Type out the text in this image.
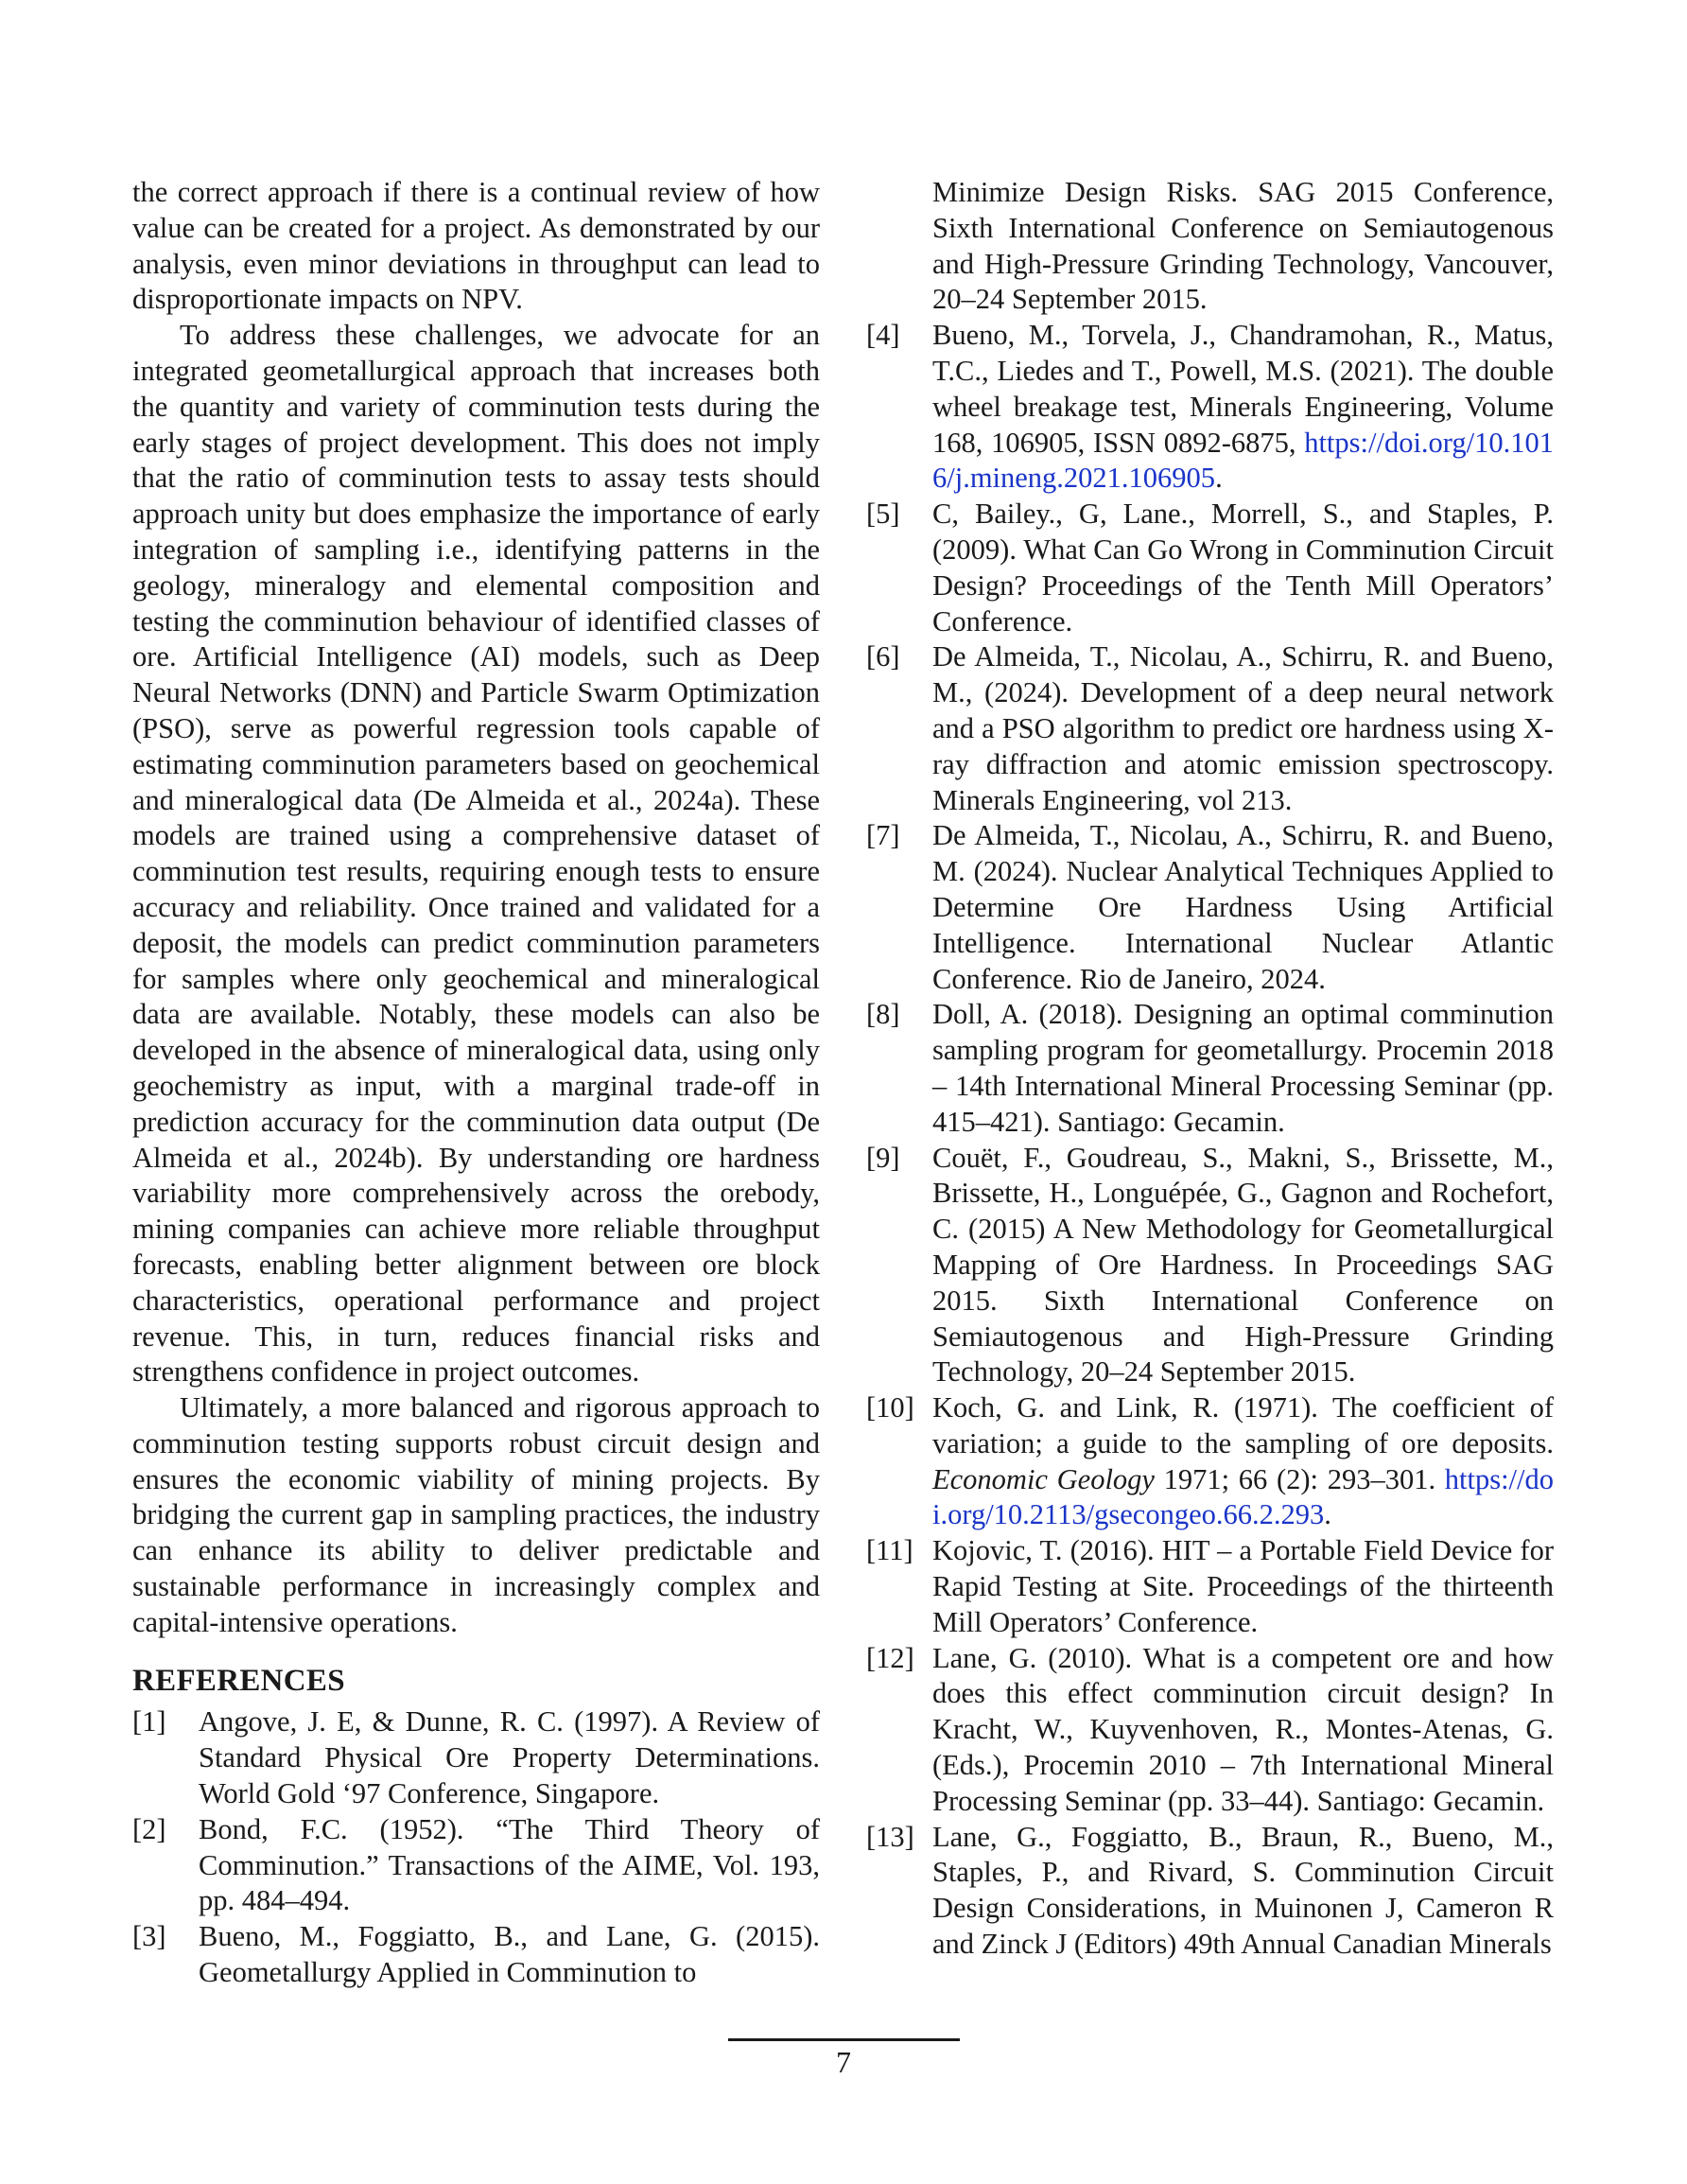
the correct approach if there is a continual review of how value can be created for a project. As demonstrated by our analysis, even minor deviations in throughput can lead to disproportionate impacts on NPV.

To address these challenges, we advocate for an integrated geometallurgical approach that increases both the quantity and variety of comminution tests during the early stages of project development. This does not imply that the ratio of comminution tests to assay tests should approach unity but does emphasize the importance of early integration of sampling i.e., identifying patterns in the geology, mineralogy and elemental composition and testing the comminution behaviour of identified classes of ore. Artificial Intelligence (AI) models, such as Deep Neural Networks (DNN) and Particle Swarm Optimization (PSO), serve as powerful regression tools capable of estimating comminution parameters based on geochemical and mineralogical data (De Almeida et al., 2024a). These models are trained using a comprehensive dataset of comminution test results, requiring enough tests to ensure accuracy and reliability. Once trained and validated for a deposit, the models can predict comminution parameters for samples where only geochemical and mineralogical data are available. Notably, these models can also be developed in the absence of mineralogical data, using only geochemistry as input, with a marginal trade-off in prediction accuracy for the comminution data output (De Almeida et al., 2024b). By understanding ore hardness variability more comprehensively across the orebody, mining companies can achieve more reliable throughput forecasts, enabling better alignment between ore block characteristics, operational performance and project revenue. This, in turn, reduces financial risks and strengthens confidence in project outcomes.

Ultimately, a more balanced and rigorous approach to comminution testing supports robust circuit design and ensures the economic viability of mining projects. By bridging the current gap in sampling practices, the industry can enhance its ability to deliver predictable and sustainable performance in increasingly complex and capital-intensive operations.

REFERENCES

[1] Angove, J. E, & Dunne, R. C. (1997). A Review of Standard Physical Ore Property Determinations. World Gold ‘97 Conference, Singapore.

[2] Bond, F.C. (1952). “The Third Theory of Comminution.” Transactions of the AIME, Vol. 193, pp. 484–494.

[3] Bueno, M., Foggiatto, B., and Lane, G. (2015). Geometallurgy Applied in Comminution to

Minimize Design Risks. SAG 2015 Conference, Sixth International Conference on Semiautogenous and High-Pressure Grinding Technology, Vancouver, 20–24 September 2015.

[4] Bueno, M., Torvela, J., Chandramohan, R., Matus, T.C., Liedes and T., Powell, M.S. (2021). The double wheel breakage test, Minerals Engineering, Volume 168, 106905, ISSN 0892-6875, https://doi.org/10.1016/j.mineng.2021.106905.

[5] C, Bailey., G, Lane., Morrell, S., and Staples, P. (2009). What Can Go Wrong in Comminution Circuit Design? Proceedings of the Tenth Mill Operators’ Conference.

[6] De Almeida, T., Nicolau, A., Schirru, R. and Bueno, M., (2024). Development of a deep neural network and a PSO algorithm to predict ore hardness using X-ray diffraction and atomic emission spectroscopy. Minerals Engineering, vol 213.

[7] De Almeida, T., Nicolau, A., Schirru, R. and Bueno, M. (2024). Nuclear Analytical Techniques Applied to Determine Ore Hardness Using Artificial Intelligence. International Nuclear Atlantic Conference. Rio de Janeiro, 2024.

[8] Doll, A. (2018). Designing an optimal comminution sampling program for geometallurgy. Procemin 2018 – 14th International Mineral Processing Seminar (pp. 415–421). Santiago: Gecamin.

[9] Couët, F., Goudreau, S., Makni, S., Brissette, M., Brissette, H., Longuépée, G., Gagnon and Rochefort, C. (2015) A New Methodology for Geometallurgical Mapping of Ore Hardness. In Proceedings SAG 2015. Sixth International Conference on Semiautogenous and High-Pressure Grinding Technology, 20–24 September 2015.

[10] Koch, G. and Link, R. (1971). The coefficient of variation; a guide to the sampling of ore deposits. Economic Geology 1971; 66 (2): 293–301. https://doi.org/10.2113/gsecongeo.66.2.293.

[11] Kojovic, T. (2016). HIT – a Portable Field Device for Rapid Testing at Site. Proceedings of the thirteenth Mill Operators’ Conference.

[12] Lane, G. (2010). What is a competent ore and how does this effect comminution circuit design? In Kracht, W., Kuyvenhoven, R., Montes-Atenas, G. (Eds.), Procemin 2010 – 7th International Mineral Processing Seminar (pp. 33–44). Santiago: Gecamin.

[13] Lane, G., Foggiatto, B., Braun, R., Bueno, M., Staples, P., and Rivard, S. Comminution Circuit Design Considerations, in Muinonen J, Cameron R and Zinck J (Editors) 49th Annual Canadian Minerals

7
